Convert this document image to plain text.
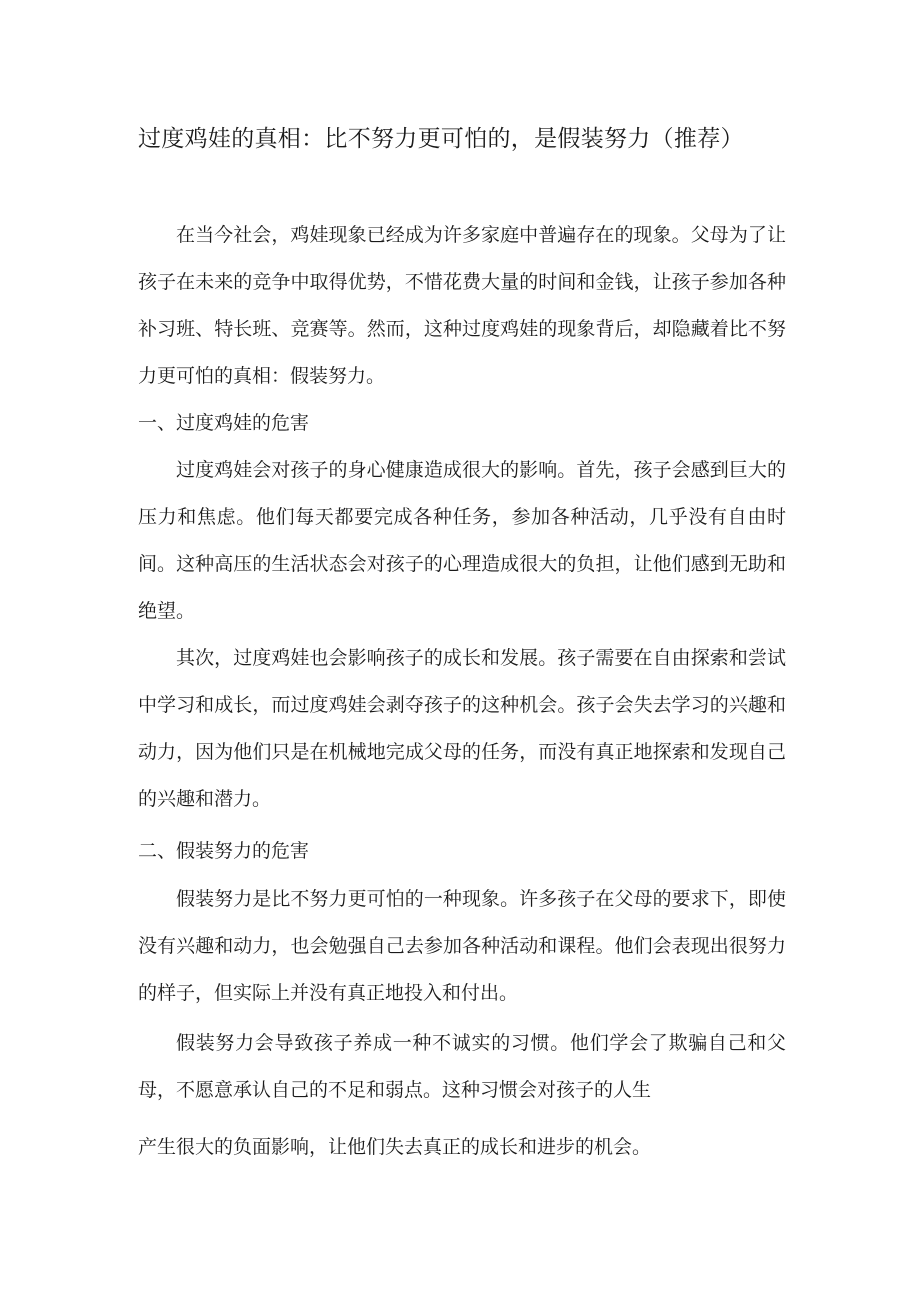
过度鸡娃的真相：比不努力更可怕的，是假装努力（推荐）
在当今社会，鸡娃现象已经成为许多家庭中普遍存在的现象。父母为了让孩子在未来的竞争中取得优势，不惜花费大量的时间和金钱，让孩子参加各种补习班、特长班、竞赛等。然而，这种过度鸡娃的现象背后，却隐藏着比不努力更可怕的真相：假装努力。
一、过度鸡娃的危害
过度鸡娃会对孩子的身心健康造成很大的影响。首先，孩子会感到巨大的压力和焦虑。他们每天都要完成各种任务，参加各种活动，几乎没有自由时间。这种高压的生活状态会对孩子的心理造成很大的负担，让他们感到无助和绝望。
其次，过度鸡娃也会影响孩子的成长和发展。孩子需要在自由探索和尝试中学习和成长，而过度鸡娃会剥夺孩子的这种机会。孩子会失去学习的兴趣和动力，因为他们只是在机械地完成父母的任务，而没有真正地探索和发现自己的兴趣和潜力。
二、假装努力的危害
假装努力是比不努力更可怕的一种现象。许多孩子在父母的要求下，即使没有兴趣和动力，也会勉强自己去参加各种活动和课程。他们会表现出很努力的样子，但实际上并没有真正地投入和付出。
假装努力会导致孩子养成一种不诚实的习惯。他们学会了欺骗自己和父母，不愿意承认自己的不足和弱点。这种习惯会对孩子的人生
产生很大的负面影响，让他们失去真正的成长和进步的机会。
